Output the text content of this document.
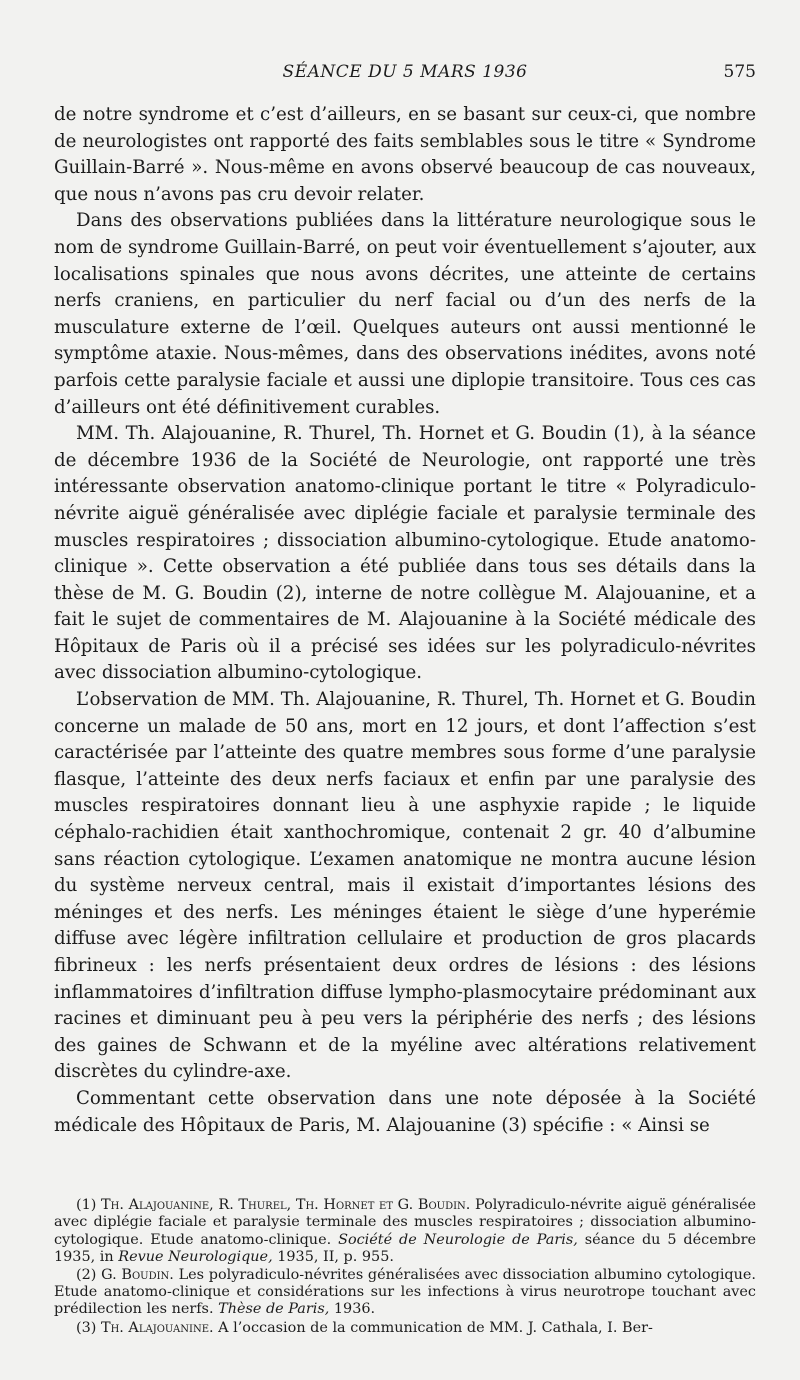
SÉANCE DU 5 MARS 1936	575

de notre syndrome et c’est d’ailleurs, en se basant sur ceux-ci, que nombre de neurologistes ont rapporté des faits semblables sous le titre « Syndrome Guillain-Barré ». Nous-même en avons observé beaucoup de cas nouveaux, que nous n’avons pas cru devoir relater.

Dans des observations publiées dans la littérature neurologique sous le nom de syndrome Guillain-Barré, on peut voir éventuellement s’ajouter, aux localisations spinales que nous avons décrites, une atteinte de certains nerfs craniens, en particulier du nerf facial ou d’un des nerfs de la musculature externe de l’œil. Quelques auteurs ont aussi mentionné le symptôme ataxie. Nous-mêmes, dans des observations inédites, avons noté parfois cette paralysie faciale et aussi une diplopie transitoire. Tous ces cas d’ailleurs ont été définitivement curables.

MM. Th. Alajouanine, R. Thurel, Th. Hornet et G. Boudin (1), à la séance de décembre 1936 de la Société de Neurologie, ont rapporté une très intéressante observation anatomo-clinique portant le titre « Polyradiculo-névrite aiguë généralisée avec diplégie faciale et paralysie terminale des muscles respiratoires ; dissociation albumino-cytologique. Etude anatomo-clinique ». Cette observation a été publiée dans tous ses détails dans la thèse de M. G. Boudin (2), interne de notre collègue M. Alajouanine, et a fait le sujet de commentaires de M. Alajouanine à la Société médicale des Hôpitaux de Paris où il a précisé ses idées sur les polyradiculo-névrites avec dissociation albumino-cytologique.

L’observation de MM. Th. Alajouanine, R. Thurel, Th. Hornet et G. Boudin concerne un malade de 50 ans, mort en 12 jours, et dont l’affection s’est caractérisée par l’atteinte des quatre membres sous forme d’une paralysie flasque, l’atteinte des deux nerfs faciaux et enfin par une paralysie des muscles respiratoires donnant lieu à une asphyxie rapide ; le liquide céphalo-rachidien était xanthochromique, contenait 2 gr. 40 d’albumine sans réaction cytologique. L’examen anatomique ne montra aucune lésion du système nerveux central, mais il existait d’importantes lésions des méninges et des nerfs. Les méninges étaient le siège d’une hyperémie diffuse avec légère infiltration cellulaire et production de gros placards fibrineux : les nerfs présentaient deux ordres de lésions : des lésions inflammatoires d’infiltration diffuse lympho-plasmocytaire prédominant aux racines et diminuant peu à peu vers la périphérie des nerfs ; des lésions des gaines de Schwann et de la myéline avec altérations relativement discrètes du cylindre-axe.

Commentant cette observation dans une note déposée à la Société médicale des Hôpitaux de Paris, M. Alajouanine (3) spécifie : « Ainsi se

(1) Th. Alajouanine, R. Thurel, Th. Hornet et G. Boudin. Polyradiculo-névrite aiguë généralisée avec diplégie faciale et paralysie terminale des muscles respiratoires ; dissociation albumino-cytologique. Etude anatomo-clinique. Société de Neurologie de Paris, séance du 5 décembre 1935, in Revue Neurologique, 1935, II, p. 955.

(2) G. Boudin. Les polyradiculo-névrites généralisées avec dissociation albumino cytologique. Etude anatomo-clinique et considérations sur les infections à virus neurotrope touchant avec prédilection les nerfs. Thèse de Paris, 1936.

(3) Th. Alajouanine. A l’occasion de la communication de MM. J. Cathala, I. Ber-
